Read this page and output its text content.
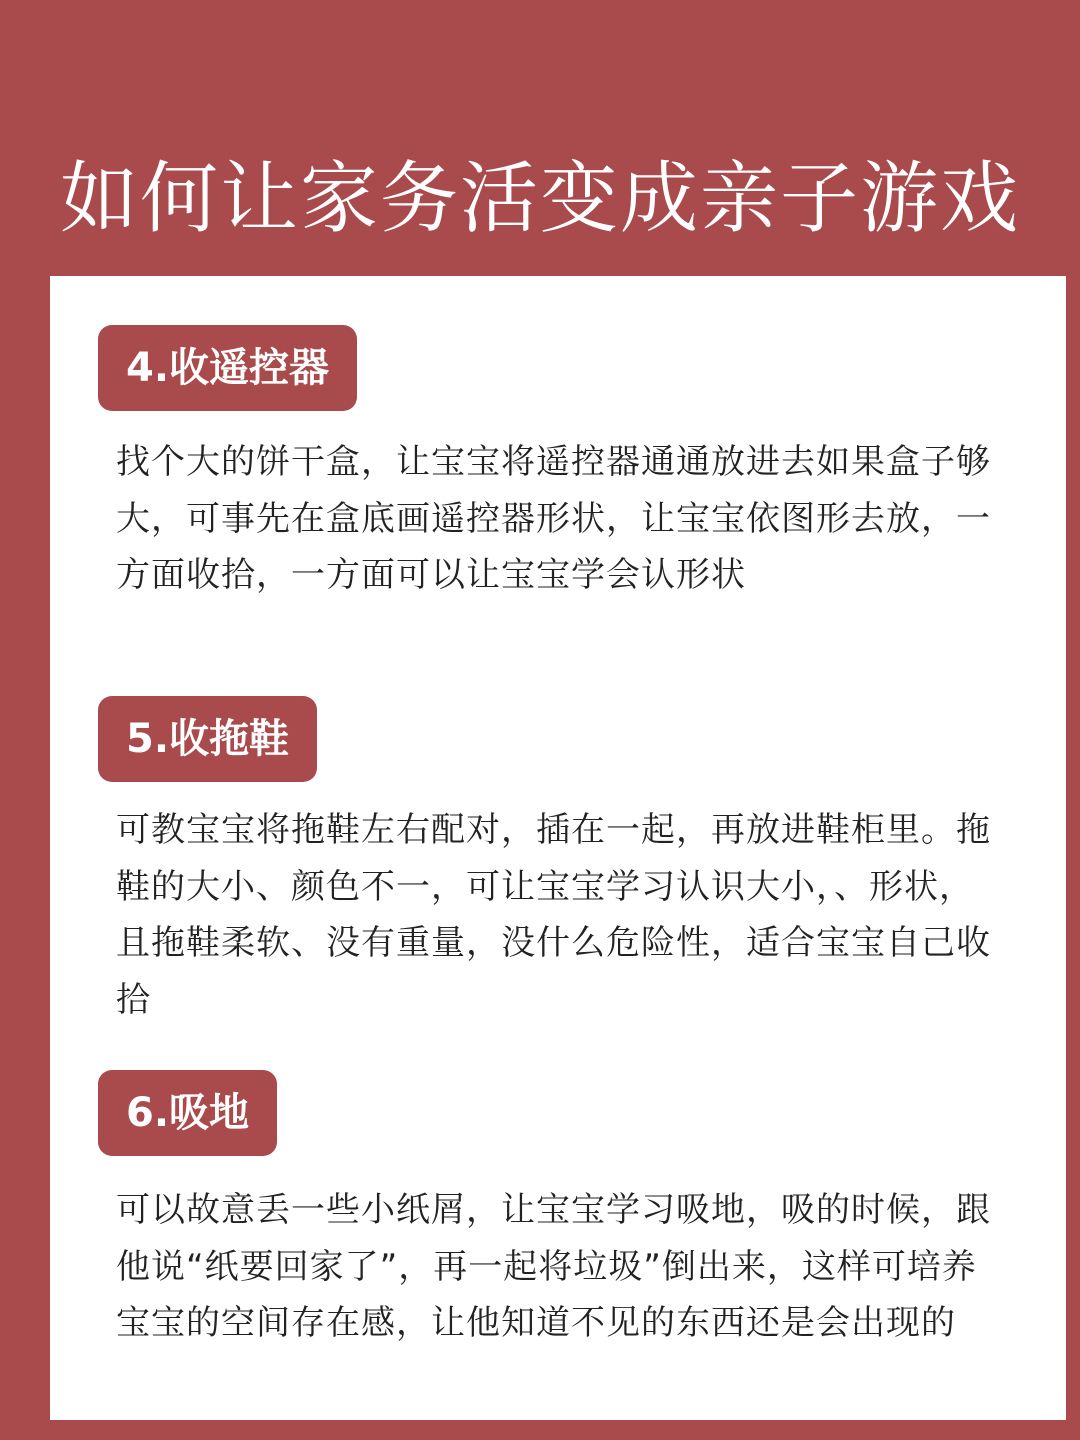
如何让家务活变成亲子游戏
4.收遥控器

找个大的饼干盒，让宝宝将遥控器通通放进去如果盒子够大，可事先在盒底画遥控器形状，让宝宝依图形去放，一方面收拾，一方面可以让宝宝学会认形状

5.收拖鞋

可教宝宝将拖鞋左右配对，插在一起，再放进鞋柜里。拖鞋的大小、颜色不一，可让宝宝学习认识大小，、形状，且拖鞋柔软、没有重量，没什么危险性，适合宝宝自己收拾

6.吸地

可以故意丢一些小纸屑，让宝宝学习吸地，吸的时候，跟他说“纸要回家了”，再一起将垃圾”倒出来，这样可培养宝宝的空间存在感，让他知道不见的东西还是会出现的
